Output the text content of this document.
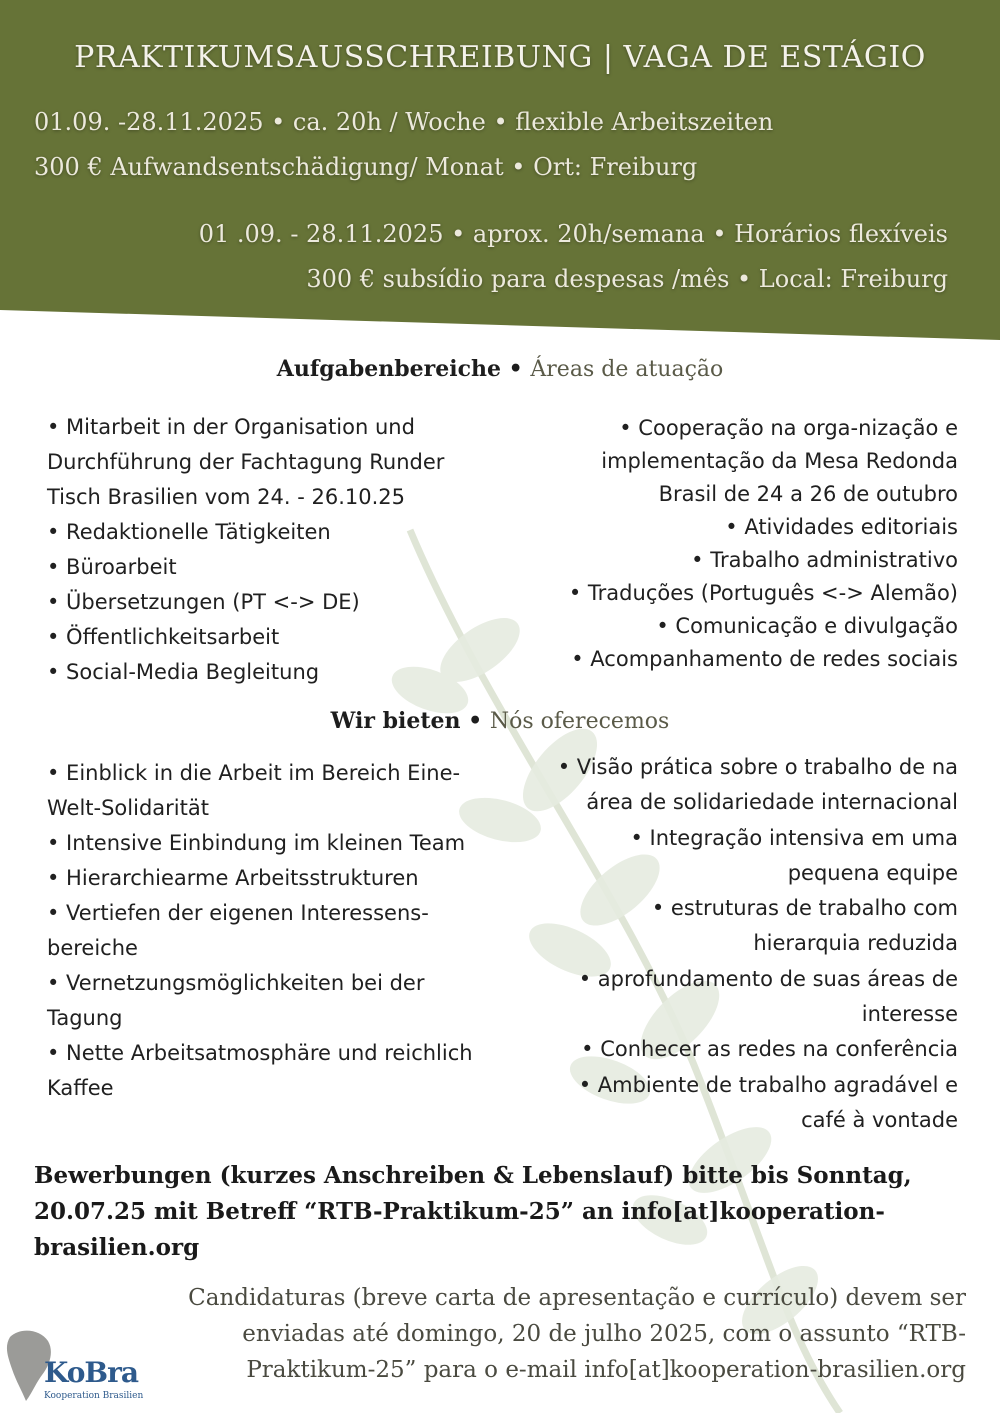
PRAKTIKUMSAUSSCHREIBUNG | VAGA DE ESTÁGIO
01.09. -28.11.2025 • ca. 20h / Woche • flexible Arbeitszeiten
300 € Aufwandsentschädigung/ Monat • Ort: Freiburg
01 .09. - 28.11.2025 • aprox. 20h/semana • Horários flexíveis
300 € subsídio para despesas /mês • Local: Freiburg
Aufgabenbereiche • Áreas de atuação

• Mitarbeit in der Organisation und

Durchführung der Fachtagung Runder

Tisch Brasilien vom 24. - 26.10.25

• Redaktionelle Tätigkeiten

• Büroarbeit

• Übersetzungen (PT <-> DE)

• Öffentlichkeitsarbeit

• Social-Media Begleitung

• Cooperação na orga-nização e

implementação da Mesa Redonda

Brasil de 24 a 26 de outubro

• Atividades editoriais

• Trabalho administrativo

• Traduções (Português <-> Alemão)

• Comunicação e divulgação

• Acompanhamento de redes sociais

Wir bieten • Nós oferecemos

• Einblick in die Arbeit im Bereich Eine-

Welt-Solidarität

• Intensive Einbindung im kleinen Team

• Hierarchiearme Arbeitsstrukturen

• Vertiefen der eigenen Interessens-

bereiche

• Vernetzungsmöglichkeiten bei der

Tagung

• Nette Arbeitsatmosphäre und reichlich

Kaffee

• Visão prática sobre o trabalho de na

área de solidariedade internacional

• Integração intensiva em uma

pequena equipe

• estruturas de trabalho com

hierarquia reduzida

• aprofundamento de suas áreas de

interesse

• Conhecer as redes na conferência

• Ambiente de trabalho agradável e

café à vontade

Bewerbungen (kurzes Anschreiben & Lebenslauf) bitte bis Sonntag,
20.07.25 mit Betreff “RTB-Praktikum-25” an info[at]kooperation-
brasilien.org
Candidaturas (breve carta de apresentação e currículo) devem ser
enviadas até domingo, 20 de julho 2025, com o assunto “RTB-
Praktikum-25” para o e-mail info[at]kooperation-brasilien.org
KoBra
Kooperation Brasilien
